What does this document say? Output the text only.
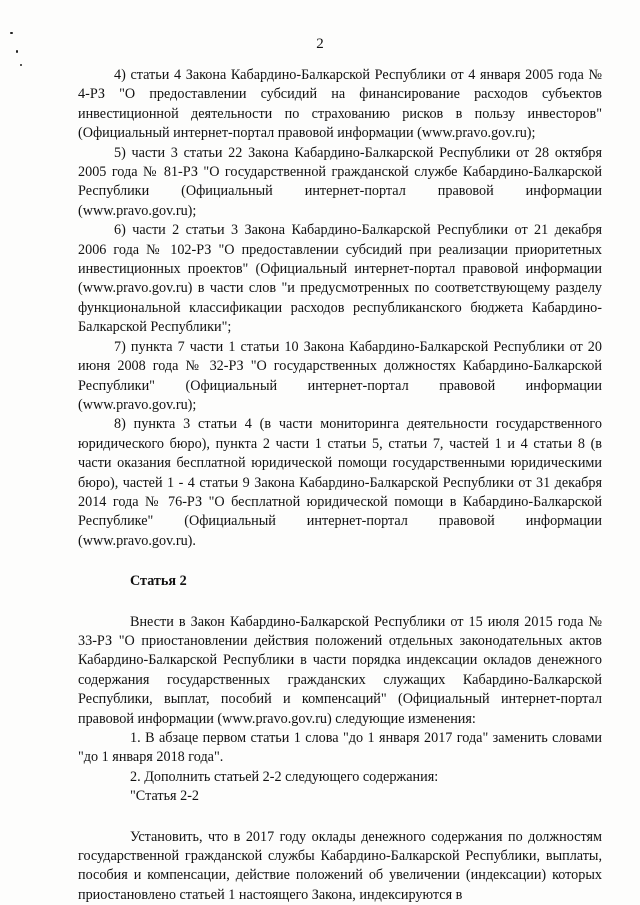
2

4) статьи 4 Закона Кабардино-Балкарской Республики от 4 января 2005 года № 4-РЗ "О предоставлении субсидий на финансирование расходов субъектов инвестиционной деятельности по страхованию рисков в пользу инвесторов" (Официальный интернет-портал правовой информации (www.pravo.gov.ru);

5) части 3 статьи 22 Закона Кабардино-Балкарской Республики от 28 октября 2005 года № 81-РЗ "О государственной гражданской службе Кабардино-Балкарской Республики (Официальный интернет-портал правовой информации (www.pravo.gov.ru);

6) части 2 статьи 3 Закона Кабардино-Балкарской Республики от 21 декабря 2006 года № 102-РЗ "О предоставлении субсидий при реализации приоритетных инвестиционных проектов" (Официальный интернет-портал правовой информации (www.pravo.gov.ru) в части слов "и предусмотренных по соответствующему разделу функциональной классификации расходов республиканского бюджета Кабардино-Балкарской Республики";

7) пункта 7 части 1 статьи 10 Закона Кабардино-Балкарской Республики от 20 июня 2008 года № 32-РЗ "О государственных должностях Кабардино-Балкарской Республики" (Официальный интернет-портал правовой информации (www.pravo.gov.ru);

8) пункта 3 статьи 4 (в части мониторинга деятельности государственного юридического бюро), пункта 2 части 1 статьи 5, статьи 7, частей 1 и 4 статьи 8 (в части оказания бесплатной юридической помощи государственными юридическими бюро), частей 1 - 4 статьи 9 Закона Кабардино-Балкарской Республики от 31 декабря 2014 года № 76-РЗ "О бесплатной юридической помощи в Кабардино-Балкарской Республике" (Официальный интернет-портал правовой информации (www.pravo.gov.ru).

Статья 2

Внести в Закон Кабардино-Балкарской Республики от 15 июля 2015 года № 33-РЗ "О приостановлении действия положений отдельных законодательных актов Кабардино-Балкарской Республики в части порядка индексации окладов денежного содержания государственных гражданских служащих Кабардино-Балкарской Республики, выплат, пособий и компенсаций" (Официальный интернет-портал правовой информации (www.pravo.gov.ru) следующие изменения:

1. В абзаце первом статьи 1 слова "до 1 января 2017 года" заменить словами "до 1 января 2018 года".

2. Дополнить статьей 2-2 следующего содержания:

"Статья 2-2

Установить, что в 2017 году оклады денежного содержания по должностям государственной гражданской службы Кабардино-Балкарской Республики, выплаты, пособия и компенсации, действие положений об увеличении (индексации) которых приостановлено статьей 1 настоящего Закона, индексируются в
